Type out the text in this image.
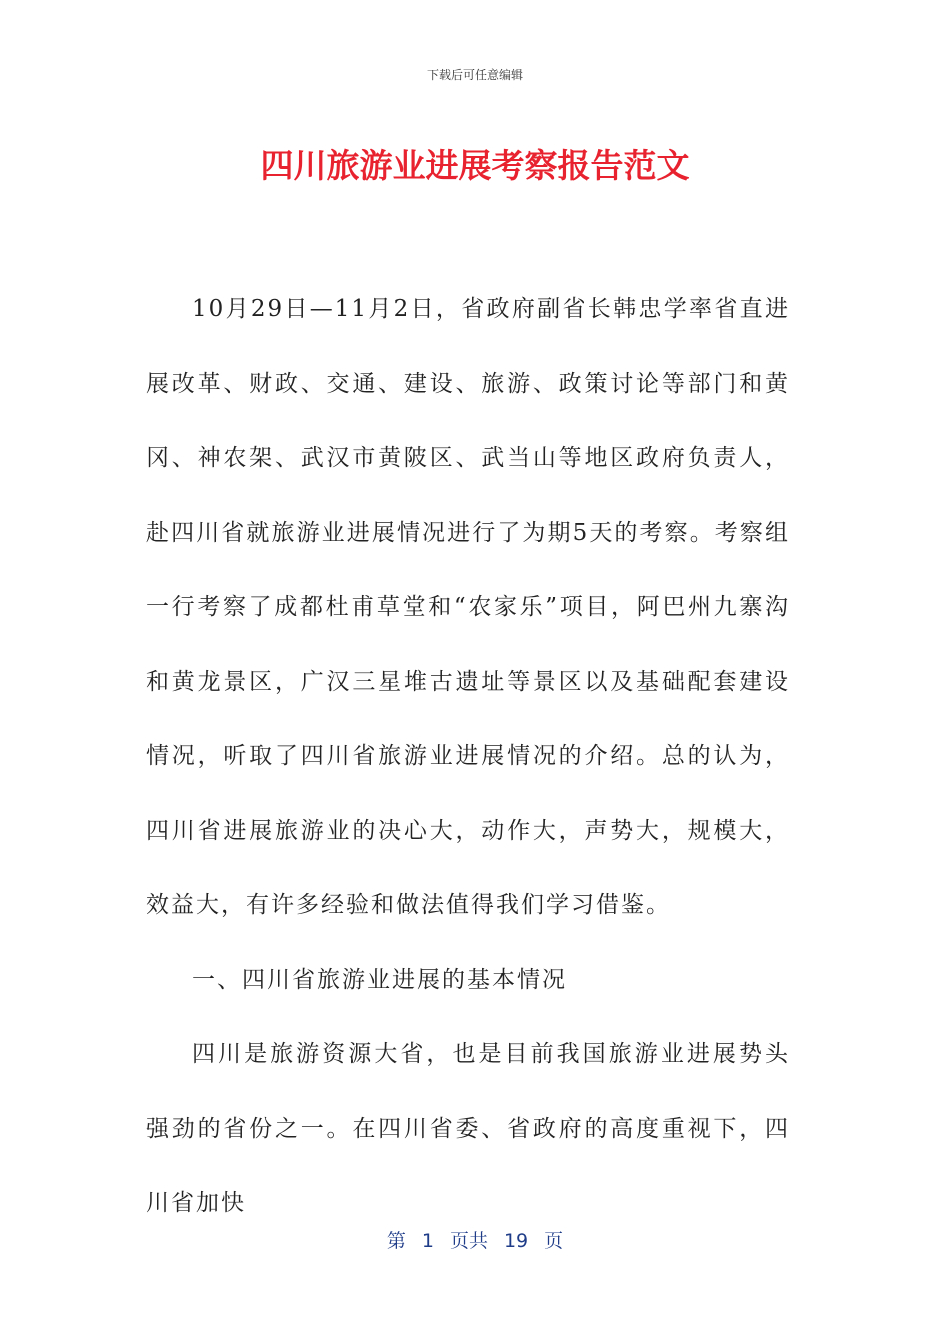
下载后可任意编辑
四川旅游业进展考察报告范文

10月29日—11月2日，省政府副省长韩忠学率省直进展改革、财政、交通、建设、旅游、政策讨论等部门和黄冈、神农架、武汉市黄陂区、武当山等地区政府负责人，赴四川省就旅游业进展情况进行了为期5天的考察。考察组一行考察了成都杜甫草堂和“农家乐”项目，阿巴州九寨沟和黄龙景区，广汉三星堆古遗址等景区以及基础配套建设情况，听取了四川省旅游业进展情况的介绍。总的认为，四川省进展旅游业的决心大，动作大，声势大，规模大，效益大，有许多经验和做法值得我们学习借鉴。

一、四川省旅游业进展的基本情况

四川是旅游资源大省，也是目前我国旅游业进展势头强劲的省份之一。在四川省委、省政府的高度重视下，四川省加快

第 1 页共 19 页
